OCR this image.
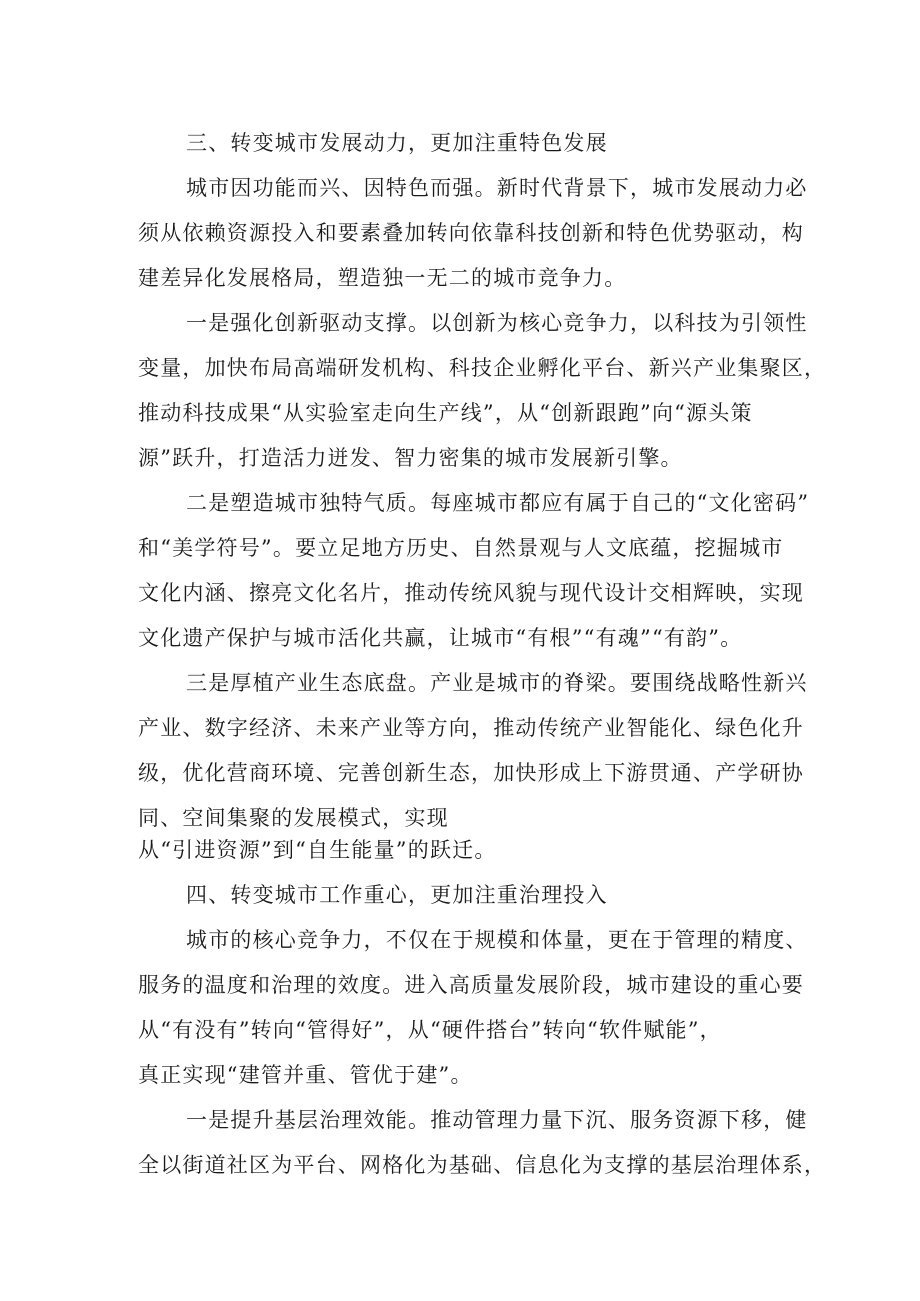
三、转变城市发展动力，更加注重特色发展
城市因功能而兴、因特色而强。新时代背景下，城市发展动力必
须从依赖资源投入和要素叠加转向依靠科技创新和特色优势驱动，构
建差异化发展格局，塑造独一无二的城市竞争力。
一是强化创新驱动支撑。以创新为核心竞争力，以科技为引领性
变量，加快布局高端研发机构、科技企业孵化平台、新兴产业集聚区，
推动科技成果“从实验室走向生产线”，从“创新跟跑”向“源头策
源”跃升，打造活力迸发、智力密集的城市发展新引擎。
二是塑造城市独特气质。每座城市都应有属于自己的“文化密码”
和“美学符号”。要立足地方历史、自然景观与人文底蕴，挖掘城市
文化内涵、擦亮文化名片，推动传统风貌与现代设计交相辉映，实现
文化遗产保护与城市活化共赢，让城市“有根”“有魂”“有韵”。
三是厚植产业生态底盘。产业是城市的脊梁。要围绕战略性新兴
产业、数字经济、未来产业等方向，推动传统产业智能化、绿色化升
级，优化营商环境、完善创新生态，加快形成上下游贯通、产学研协
同、空间集聚的发展模式，实现
从“引进资源”到“自生能量”的跃迁。
四、转变城市工作重心，更加注重治理投入
城市的核心竞争力，不仅在于规模和体量，更在于管理的精度、
服务的温度和治理的效度。进入高质量发展阶段，城市建设的重心要
从“有没有”转向“管得好”，从“硬件搭台”转向“软件赋能”，
真正实现“建管并重、管优于建”。
一是提升基层治理效能。推动管理力量下沉、服务资源下移，健
全以街道社区为平台、网格化为基础、信息化为支撑的基层治理体系，
